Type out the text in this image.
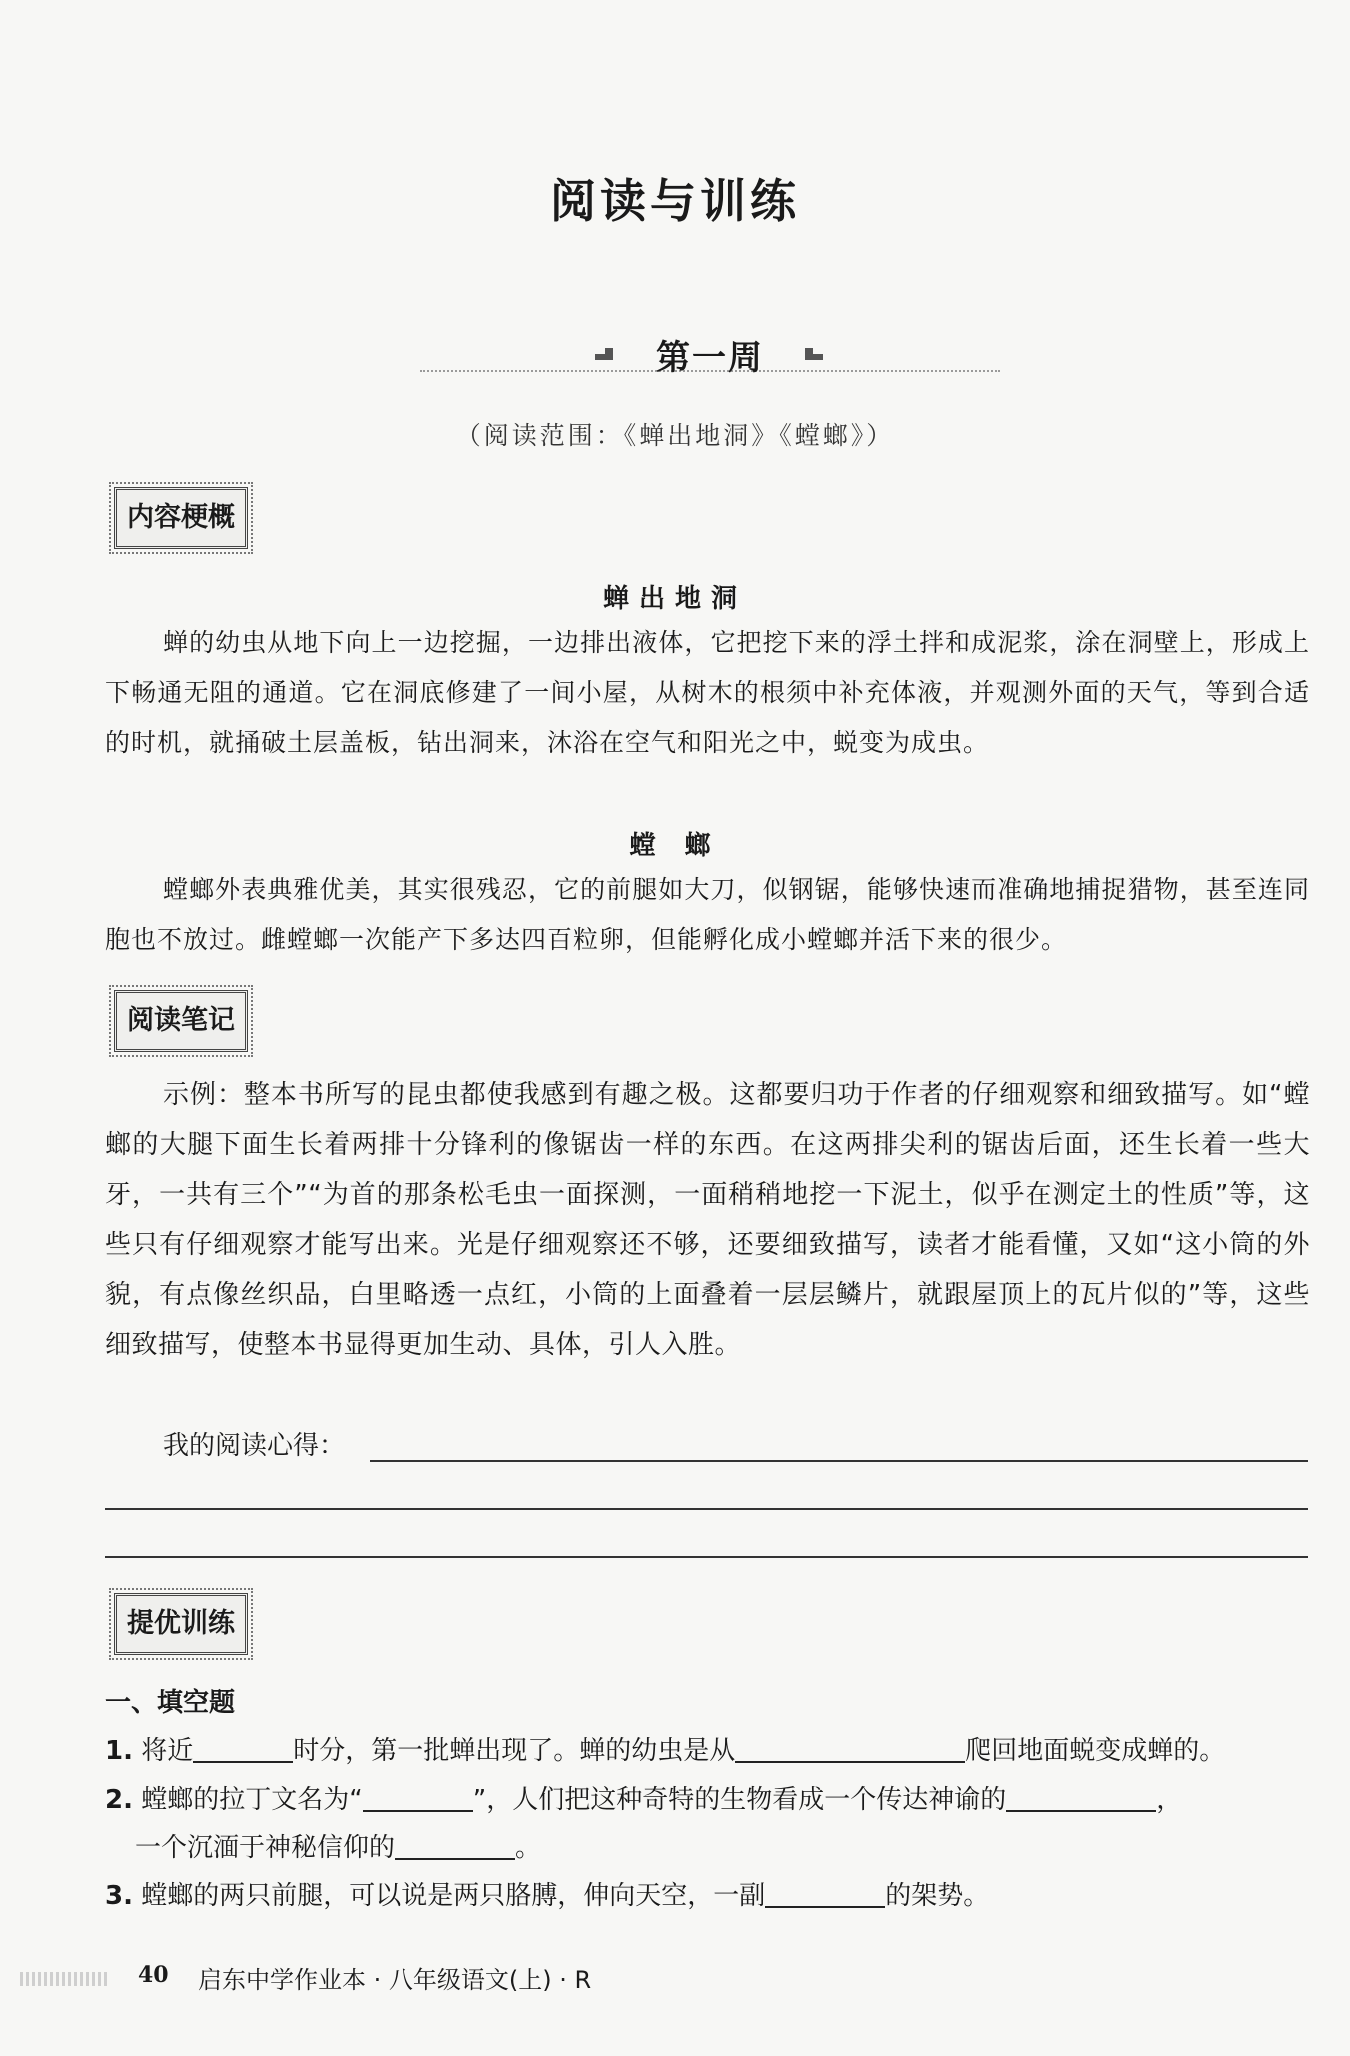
阅读与训练
第一周
（阅读范围：《蝉出地洞》《螳螂》）
内容梗概
蝉出地洞

蝉的幼虫从地下向上一边挖掘，一边排出液体，它把挖下来的浮土拌和成泥浆，涂在洞壁上，形成上下畅通无阻的通道。它在洞底修建了一间小屋，从树木的根须中补充体液，并观测外面的天气，等到合适的时机，就捅破土层盖板，钻出洞来，沐浴在空气和阳光之中，蜕变为成虫。

螳 螂

螳螂外表典雅优美，其实很残忍，它的前腿如大刀，似钢锯，能够快速而准确地捕捉猎物，甚至连同胞也不放过。雌螳螂一次能产下多达四百粒卵，但能孵化成小螳螂并活下来的很少。

阅读笔记

示例：整本书所写的昆虫都使我感到有趣之极。这都要归功于作者的仔细观察和细致描写。如“螳螂的大腿下面生长着两排十分锋利的像锯齿一样的东西。在这两排尖利的锯齿后面，还生长着一些大牙，一共有三个”“为首的那条松毛虫一面探测，一面稍稍地挖一下泥土，似乎在测定土的性质”等，这些只有仔细观察才能写出来。光是仔细观察还不够，还要细致描写，读者才能看懂，又如“这小筒的外貌，有点像丝织品，白里略透一点红，小筒的上面叠着一层层鳞片，就跟屋顶上的瓦片似的”等，这些细致描写，使整本书显得更加生动、具体，引人入胜。

我的阅读心得：
提优训练
一、填空题
1. 将近	时分，第一批蝉出现了。蝉的幼虫是从	爬回地面蜕变成蝉的。
2. 螳螂的拉丁文名为“	”，人们把这种奇特的生物看成一个传达神谕的	，
一个沉湎于神秘信仰的	。
3. 螳螂的两只前腿，可以说是两只胳膊，伸向天空，一副	的架势。
40 启东中学作业本 · 八年级语文(上) · R
